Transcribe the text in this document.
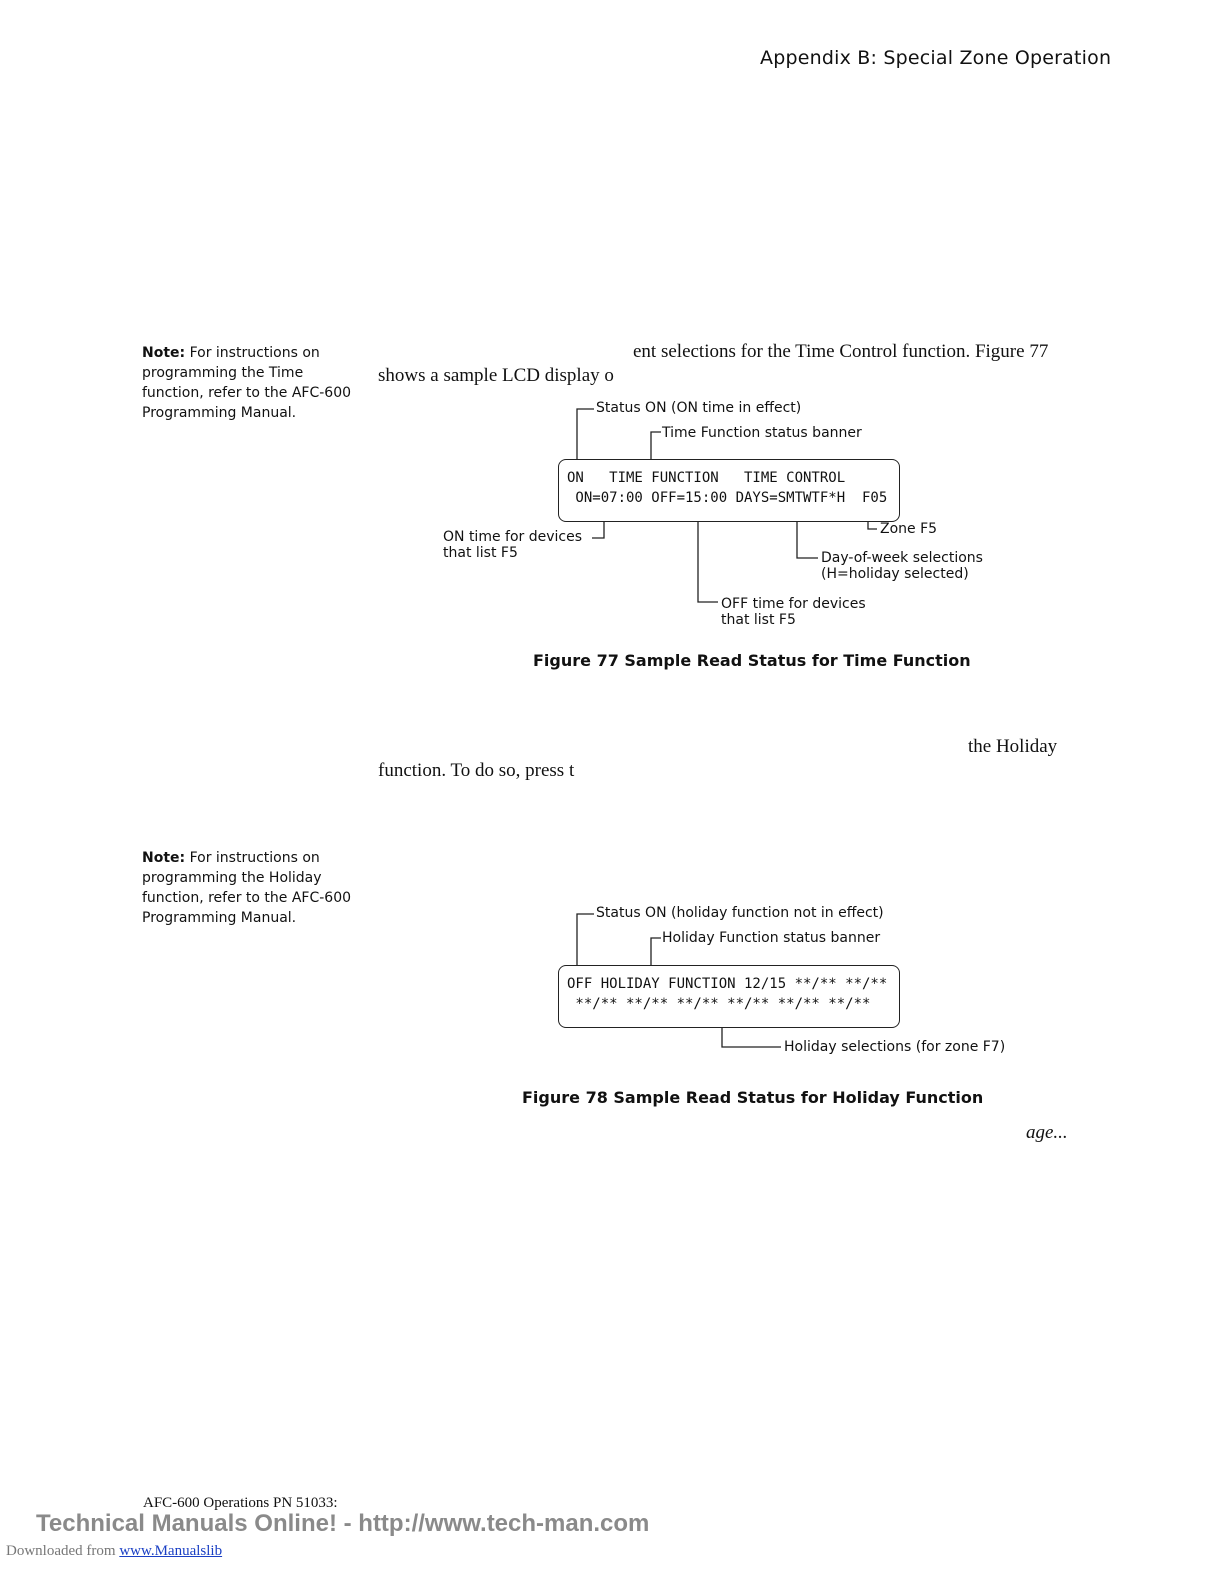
Appendix B: Special Zone Operation
Note: For instructions on programming the Time function, refer to the AFC-600 Programming Manual.
ent selections for the Time Control function. Figure 77
shows a sample LCD display o
Status ON (ON time in effect)
Time Function status banner
ON   TIME FUNCTION   TIME CONTROL
ON=07:00 OFF=15:00 DAYS=SMTWTF*H  F05
ON time for devices
that list F5
Zone F5
Day-of-week selections
(H=holiday selected)
OFF time for devices
that list F5
Figure 77 Sample Read Status for Time Function
the Holiday
function. To do so, press t
Note: For instructions on programming the Holiday function, refer to the AFC-600 Programming Manual.	Status ON (holiday function not in effect)
Holiday Function status banner
OFF HOLIDAY FUNCTION 12/15 **/** **/**
**/** **/** **/** **/** **/** **/**
Holiday selections (for zone F7)
Figure 78 Sample Read Status for Holiday Function
age...
AFC-600 Operations PN 51033:
Technical Manuals Online! - http://www.tech-man.com
Downloaded from www.Manualslib
